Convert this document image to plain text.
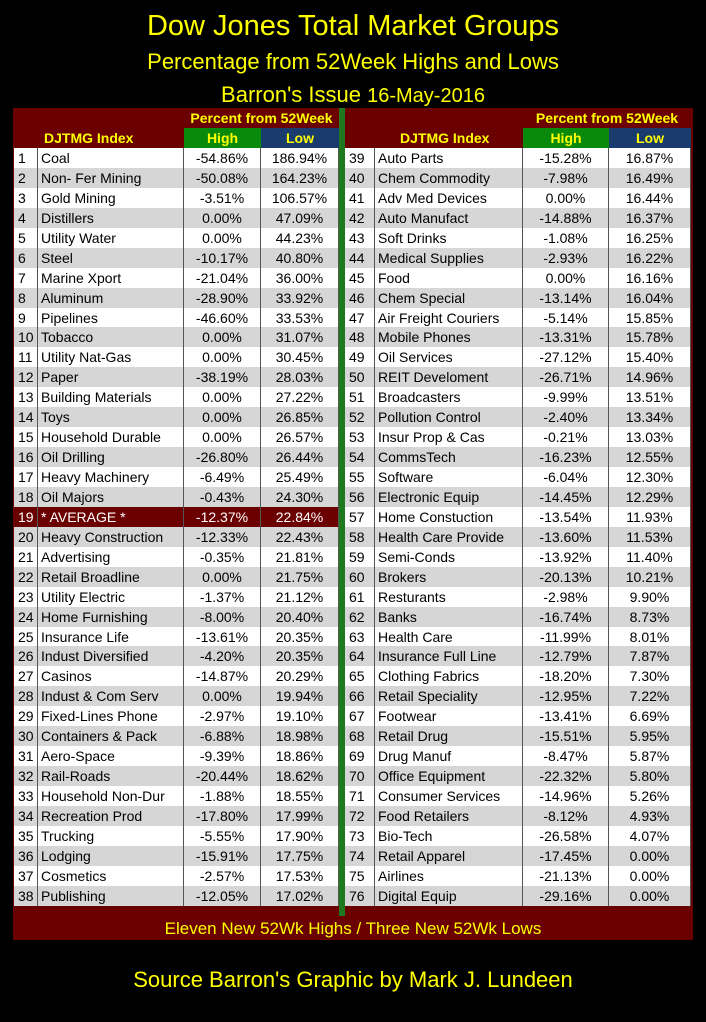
Dow Jones Total Market Groups
Percentage from 52Week Highs and Lows
Barron's Issue 16-May-2016
Percent from 52Week
DJTMG Index	High	Low
1	Coal	-54.86%	186.94%
2	Non- Fer Mining	-50.08%	164.23%
3	Gold Mining	-3.51%	106.57%
4	Distillers	0.00%	47.09%
5	Utility Water	0.00%	44.23%
6	Steel	-10.17%	40.80%
7	Marine Xport	-21.04%	36.00%
8	Aluminum	-28.90%	33.92%
9	Pipelines	-46.60%	33.53%
10 Tobacco	0.00%	31.07%
11 Utility Nat-Gas	0.00%	30.45%
12 Paper	-38.19%	28.03%
13 Building Materials	0.00%	27.22%
14 Toys	0.00%	26.85%
15 Household Durable	0.00%	26.57%
16 Oil Drilling	-26.80%	26.44%
17 Heavy Machinery	-6.49%	25.49%
18 Oil Majors	-0.43%	24.30%
19 * AVERAGE *	-12.37%	22.84%
20 Heavy Construction	-12.33%	22.43%
21 Advertising	-0.35%	21.81%
22 Retail Broadline	0.00%	21.75%
23 Utility Electric	-1.37%	21.12%
24 Home Furnishing	-8.00%	20.40%
25 Insurance Life	-13.61%	20.35%
26 Indust Diversified	-4.20%	20.35%
27 Casinos	-14.87%	20.29%
28 Indust & Com Serv	0.00%	19.94%
29 Fixed-Lines Phone	-2.97%	19.10%
30 Containers & Pack	-6.88%	18.98%
31 Aero-Space	-9.39%	18.86%
32 Rail-Roads	-20.44%	18.62%
33 Household Non-Dur	-1.88%	18.55%
34 Recreation Prod	-17.80%	17.99%
35 Trucking	-5.55%	17.90%
36 Lodging	-15.91%	17.75%
37 Cosmetics	-2.57%	17.53%
38 Publishing	-12.05%	17.02%
Percent from 52Week
DJTMG Index	High	Low
39 Auto Parts	-15.28%	16.87%
40 Chem Commodity	-7.98%	16.49%
41 Adv Med Devices	0.00%	16.44%
42 Auto Manufact	-14.88%	16.37%
43 Soft Drinks	-1.08%	16.25%
44 Medical Supplies	-2.93%	16.22%
45 Food	0.00%	16.16%
46 Chem Special	-13.14%	16.04%
47 Air Freight Couriers	-5.14%	15.85%
48 Mobile Phones	-13.31%	15.78%
49 Oil Services	-27.12%	15.40%
50 REIT Develoment	-26.71%	14.96%
51 Broadcasters	-9.99%	13.51%
52 Pollution Control	-2.40%	13.34%
53 Insur Prop & Cas	-0.21%	13.03%
54 CommsTech	-16.23%	12.55%
55 Software	-6.04%	12.30%
56 Electronic Equip	-14.45%	12.29%
57 Home Constuction	-13.54%	11.93%
58 Health Care Provide	-13.60%	11.53%
59 Semi-Conds	-13.92%	11.40%
60 Brokers	-20.13%	10.21%
61 Resturants	-2.98%	9.90%
62 Banks	-16.74%	8.73%
63 Health Care	-11.99%	8.01%
64 Insurance Full Line	-12.79%	7.87%
65 Clothing Fabrics	-18.20%	7.30%
66 Retail Speciality	-12.95%	7.22%
67 Footwear	-13.41%	6.69%
68 Retail Drug	-15.51%	5.95%
69 Drug Manuf	-8.47%	5.87%
70 Office Equipment	-22.32%	5.80%
71 Consumer Services	-14.96%	5.26%
72 Food Retailers	-8.12%	4.93%
73 Bio-Tech	-26.58%	4.07%
74 Retail Apparel	-17.45%	0.00%
75 Airlines	-21.13%	0.00%
76 Digital Equip	-29.16%	0.00%
Eleven New 52Wk Highs / Three New 52Wk Lows
Source Barron's Graphic by Mark J. Lundeen
